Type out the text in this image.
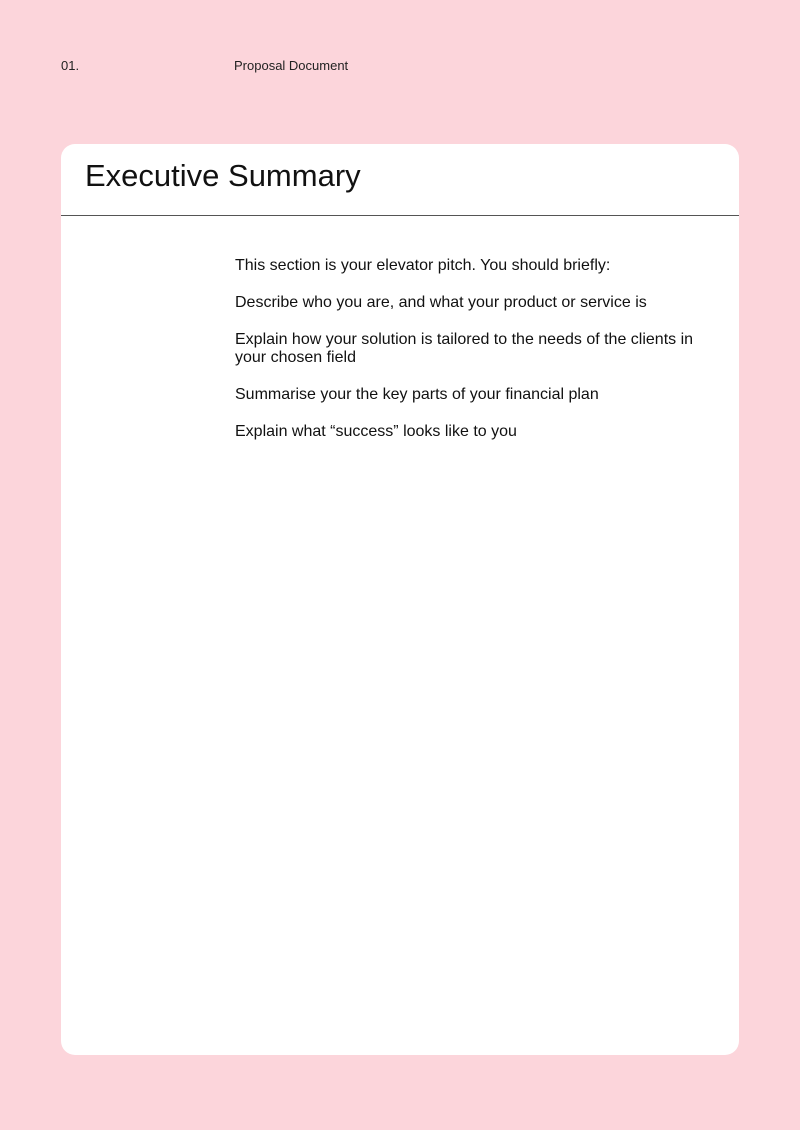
01.	Proposal Document
Executive Summary

This section is your elevator pitch. You should briefly:

Describe who you are, and what your product or service is

Explain how your solution is tailored to the needs of the clients in your chosen field

Summarise your the key parts of your financial plan

Explain what “success” looks like to you
